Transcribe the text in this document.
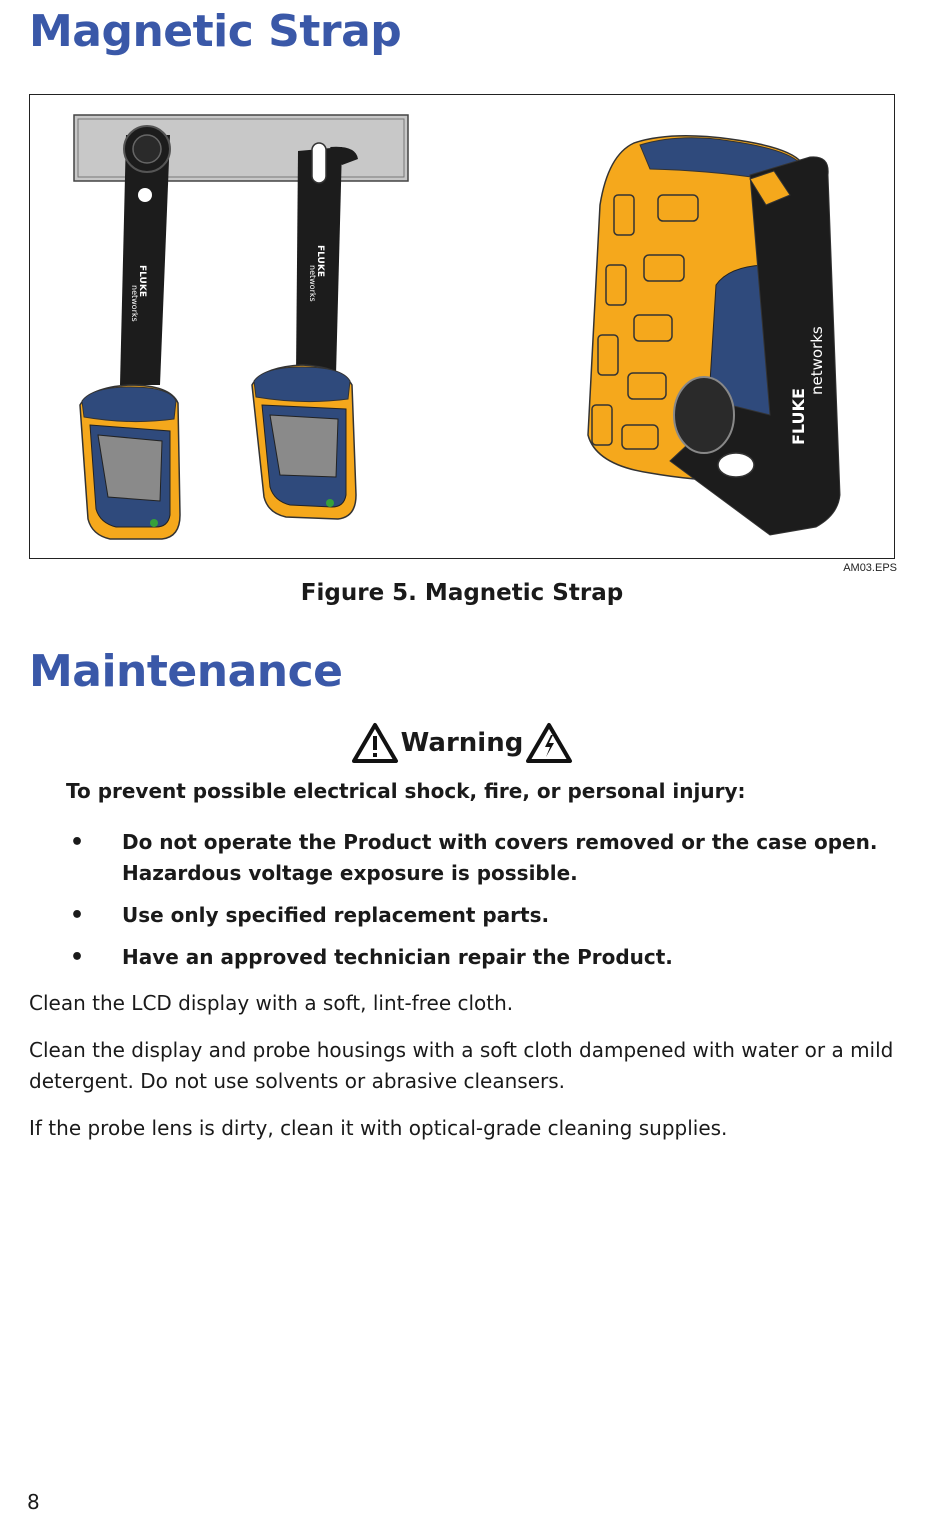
Magnetic Strap
FLUKE
networks
FLUKE
networks
FLUKE
networks
AM03.EPS
Figure 5. Magnetic Strap
Maintenance
Warning
To prevent possible electrical shock, fire, or personal injury:
• Do not operate the Product with covers removed or the case open. Hazardous voltage exposure is possible.
• Use only specified replacement parts.
• Have an approved technician repair the Product.

Clean the LCD display with a soft, lint-free cloth.

Clean the display and probe housings with a soft cloth dampened with water or a mild detergent. Do not use solvents or abrasive cleansers.

If the probe lens is dirty, clean it with optical-grade cleaning supplies.

8
